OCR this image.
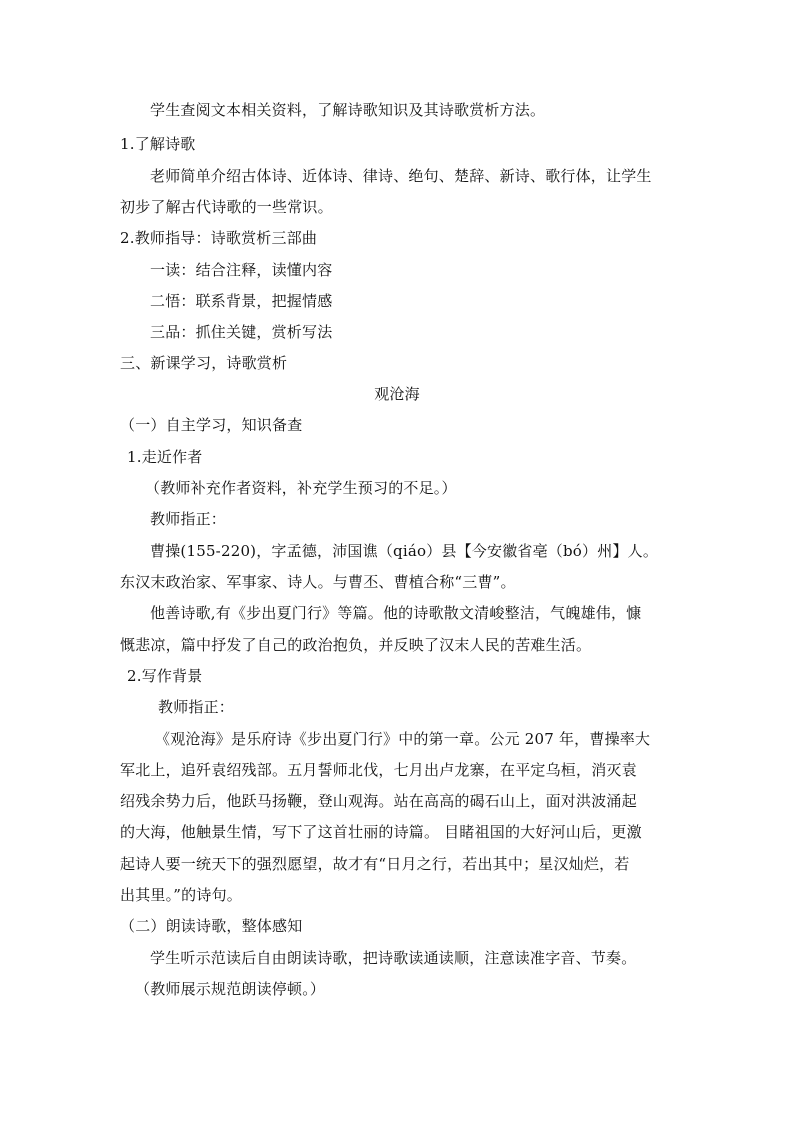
学生查阅文本相关资料，了解诗歌知识及其诗歌赏析方法。
1.了解诗歌
老师简单介绍古体诗、近体诗、律诗、绝句、楚辞、新诗、歌行体，让学生
初步了解古代诗歌的一些常识。
2.教师指导：诗歌赏析三部曲
一读：结合注释，读懂内容
二悟：联系背景，把握情感
三品：抓住关键，赏析写法
三、新课学习，诗歌赏析
观沧海
（一）自主学习，知识备查
1.走近作者
（教师补充作者资料，补充学生预习的不足。）
教师指正：
曹操(155-220)，字孟德，沛国谯（qiáo）县【今安徽省亳（bó）州】人。
东汉末政治家、军事家、诗人。与曹丕、曹植合称“三曹”。
他善诗歌,有《步出夏门行》等篇。他的诗歌散文清峻整洁，气魄雄伟，慷
慨悲凉，篇中抒发了自己的政治抱负，并反映了汉末人民的苦难生活。
2.写作背景
教师指正：
《观沧海》是乐府诗《步出夏门行》中的第一章。公元 207 年，曹操率大
军北上，追歼袁绍残部。五月誓师北伐，七月出卢龙寨，在平定乌桓，消灭袁
绍残余势力后，他跃马扬鞭，登山观海。站在高高的碣石山上，面对洪波涌起
的大海，他触景生情，写下了这首壮丽的诗篇。 目睹祖国的大好河山后，更激
起诗人要一统天下的强烈愿望，故才有“日月之行，若出其中；星汉灿烂，若
出其里。”的诗句。
（二）朗读诗歌，整体感知
学生听示范读后自由朗读诗歌，把诗歌读通读顺，注意读准字音、节奏。
（教师展示规范朗读停顿。）
